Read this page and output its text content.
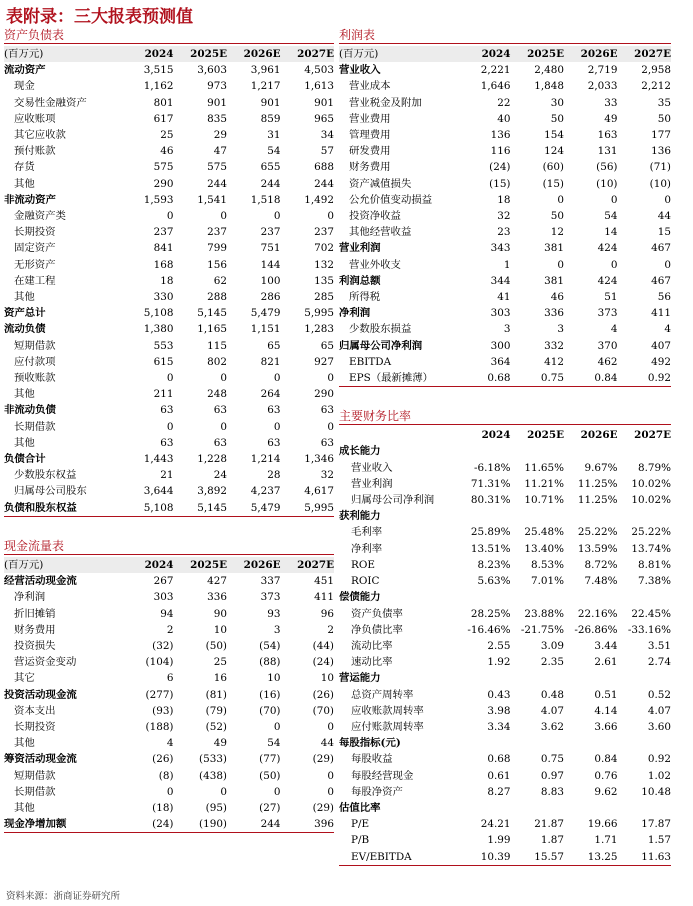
表附录：三大报表预测值
资产负债表
(百万元)	2024	2025E	2026E	2027E
流动资产	3,515	3,603	3,961	4,503
现金	1,162	973	1,217	1,613
交易性金融资产	801	901	901	901
应收账项	617	835	859	965
其它应收款	25	29	31	34
预付账款	46	47	54	57
存货	575	575	655	688
其他	290	244	244	244
非流动资产	1,593	1,541	1,518	1,492
金融资产类	0	0	0	0
长期投资	237	237	237	237
固定资产	841	799	751	702
无形资产	168	156	144	132
在建工程	18	62	100	135
其他	330	288	286	285
资产总计	5,108	5,145	5,479	5,995
流动负债	1,380	1,165	1,151	1,283
短期借款	553	115	65	65
应付款项	615	802	821	927
预收账款	0	0	0	0
其他	211	248	264	290
非流动负债	63	63	63	63
长期借款	0	0	0	0
其他	63	63	63	63
负债合计	1,443	1,228	1,214	1,346
少数股东权益	21	24	28	32
归属母公司股东	3,644	3,892	4,237	4,617
负债和股东权益	5,108	5,145	5,479	5,995
现金流量表
(百万元)	2024	2025E	2026E	2027E
经营活动现金流	267	427	337	451
净利润	303	336	373	411
折旧摊销	94	90	93	96
财务费用	2	10	3	2
投资损失	(32)	(50)	(54)	(44)
营运资金变动	(104)	25	(88)	(24)
其它	6	16	10	10
投资活动现金流	(277)	(81)	(16)	(26)
资本支出	(93)	(79)	(70)	(70)
长期投资	(188)	(52)	0	0
其他	4	49	54	44
筹资活动现金流	(26)	(533)	(77)	(29)
短期借款	(8)	(438)	(50)	0
长期借款	0	0	0	0
其他	(18)	(95)	(27)	(29)
现金净增加额	(24)	(190)	244	396
利润表
(百万元)	2024	2025E	2026E	2027E
营业收入	2,221	2,480	2,719	2,958
营业成本	1,646	1,848	2,033	2,212
营业税金及附加	22	30	33	35
营业费用	40	50	49	50
管理费用	136	154	163	177
研发费用	116	124	131	136
财务费用	(24)	(60)	(56)	(71)
资产减值损失	(15)	(15)	(10)	(10)
公允价值变动损益	18	0	0	0
投资净收益	32	50	54	44
其他经营收益	23	12	14	15
营业利润	343	381	424	467
营业外收支	1	0	0	0
利润总额	344	381	424	467
所得税	41	46	51	56
净利润	303	336	373	411
少数股东损益	3	3	4	4
归属母公司净利润	300	332	370	407
EBITDA	364	412	462	492
EPS（最新摊薄）	0.68	0.75	0.84	0.92
主要财务比率
	2024	2025E	2026E	2027E
成长能力				
营业收入	-6.18%	11.65%	9.67%	8.79%
营业利润	71.31%	11.21%	11.25%	10.02%
归属母公司净利润	80.31%	10.71%	11.25%	10.02%
获利能力				
毛利率	25.89%	25.48%	25.22%	25.22%
净利率	13.51%	13.40%	13.59%	13.74%
ROE	8.23%	8.53%	8.72%	8.81%
ROIC	5.63%	7.01%	7.48%	7.38%
偿债能力				
资产负债率	28.25%	23.88%	22.16%	22.45%
净负债比率	-16.46%	-21.75%	-26.86%	-33.16%
流动比率	2.55	3.09	3.44	3.51
速动比率	1.92	2.35	2.61	2.74
营运能力				
总资产周转率	0.43	0.48	0.51	0.52
应收账款周转率	3.98	4.07	4.14	4.07
应付账款周转率	3.34	3.62	3.66	3.60
每股指标(元)				
每股收益	0.68	0.75	0.84	0.92
每股经营现金	0.61	0.97	0.76	1.02
每股净资产	8.27	8.83	9.62	10.48
估值比率				
P/E	24.21	21.87	19.66	17.87
P/B	1.99	1.87	1.71	1.57
EV/EBITDA	10.39	15.57	13.25	11.63
资料来源：浙商证券研究所
